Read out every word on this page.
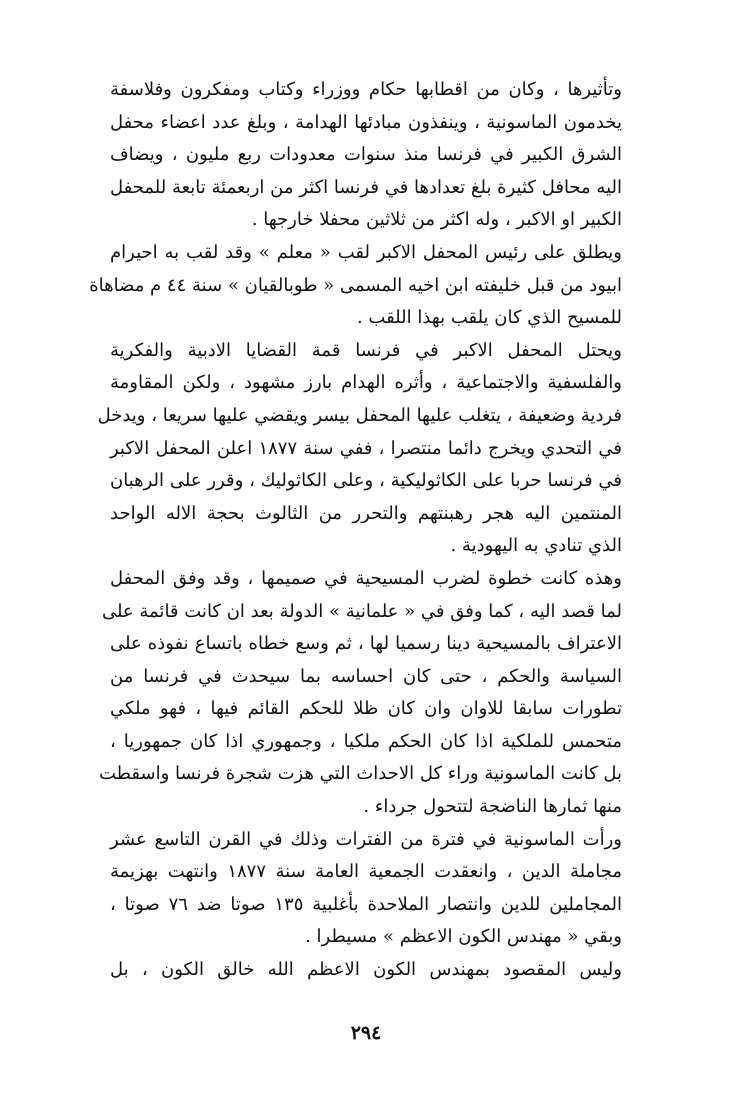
وتأثيرها ، وكان من اقطابها حكام ووزراء وكتاب ومفكرون وفلاسفة
يخدمون الماسونية ، وينفذون مبادئها الهدامة ، وبلغ عدد اعضاء محفل
الشرق الكبير في فرنسا منذ سنوات معدودات ربع مليون ، ويضاف
اليه محافل كثيرة بلغ تعدادها في فرنسا اكثر من اربعمئة تابعة للمحفل
الكبير او الاكبر ، وله اكثر من ثلاثين محفلا خارجها .
ويطلق على رئيس المحفل الاكبر لقب « معلم » وقد لقب به احيرام
ابيود من قبل خليفته ابن اخيه المسمى « طوبالقيان » سنة ٤٤ م مضاهاة
للمسيح الذي كان يلقب بهذا اللقب .
ويحتل المحفل الاكبر في فرنسا قمة القضايا الادبية والفكرية
والفلسفية والاجتماعية ، وأثره الهدام بارز مشهود ، ولكن المقاومة
فردية وضعيفة ، يتغلب عليها المحفل بيسر ويقضي عليها سريعا ، ويدخل
في التحدي ويخرج دائما منتصرا ، ففي سنة ١٨٧٧ اعلن المحفل الاكبر
في فرنسا حربا على الكاثوليكية ، وعلى الكاثوليك ، وقرر على الرهبان
المنتمين اليه هجر رهبنتهم والتحرر من الثالوث بحجة الاله الواحد
الذي تنادي به اليهودية .
وهذه كانت خطوة لضرب المسيحية في صميمها ، وقد وفق المحفل
لما قصد اليه ، كما وفق في « علمانية » الدولة بعد ان كانت قائمة على
الاعتراف بالمسيحية دينا رسميا لها ، ثم وسع خطاه باتساع نفوذه على
السياسة والحكم ، حتى كان احساسه بما سيحدث في فرنسا من
تطورات سابقا للاوان وان كان ظلا للحكم القائم فيها ، فهو ملكي
متحمس للملكية اذا كان الحكم ملكيا ، وجمهوري اذا كان جمهوريا ،
بل كانت الماسونية وراء كل الاحداث التي هزت شجرة فرنسا واسقطت
منها ثمارها الناضجة لتتحول جرداء .
ورأت الماسونية في فترة من الفترات وذلك في القرن التاسع عشر
مجاملة الدين ، وانعقدت الجمعية العامة سنة ١٨٧٧ وانتهت بهزيمة
المجاملين للدين وانتصار الملاحدة بأغلبية ١٣٥ صوتا ضد ٧٦ صوتا ،
وبقي « مهندس الكون الاعظم » مسيطرا .
وليس المقصود بمهندس الكون الاعظم الله خالق الكون ، بل
٢٩٤
